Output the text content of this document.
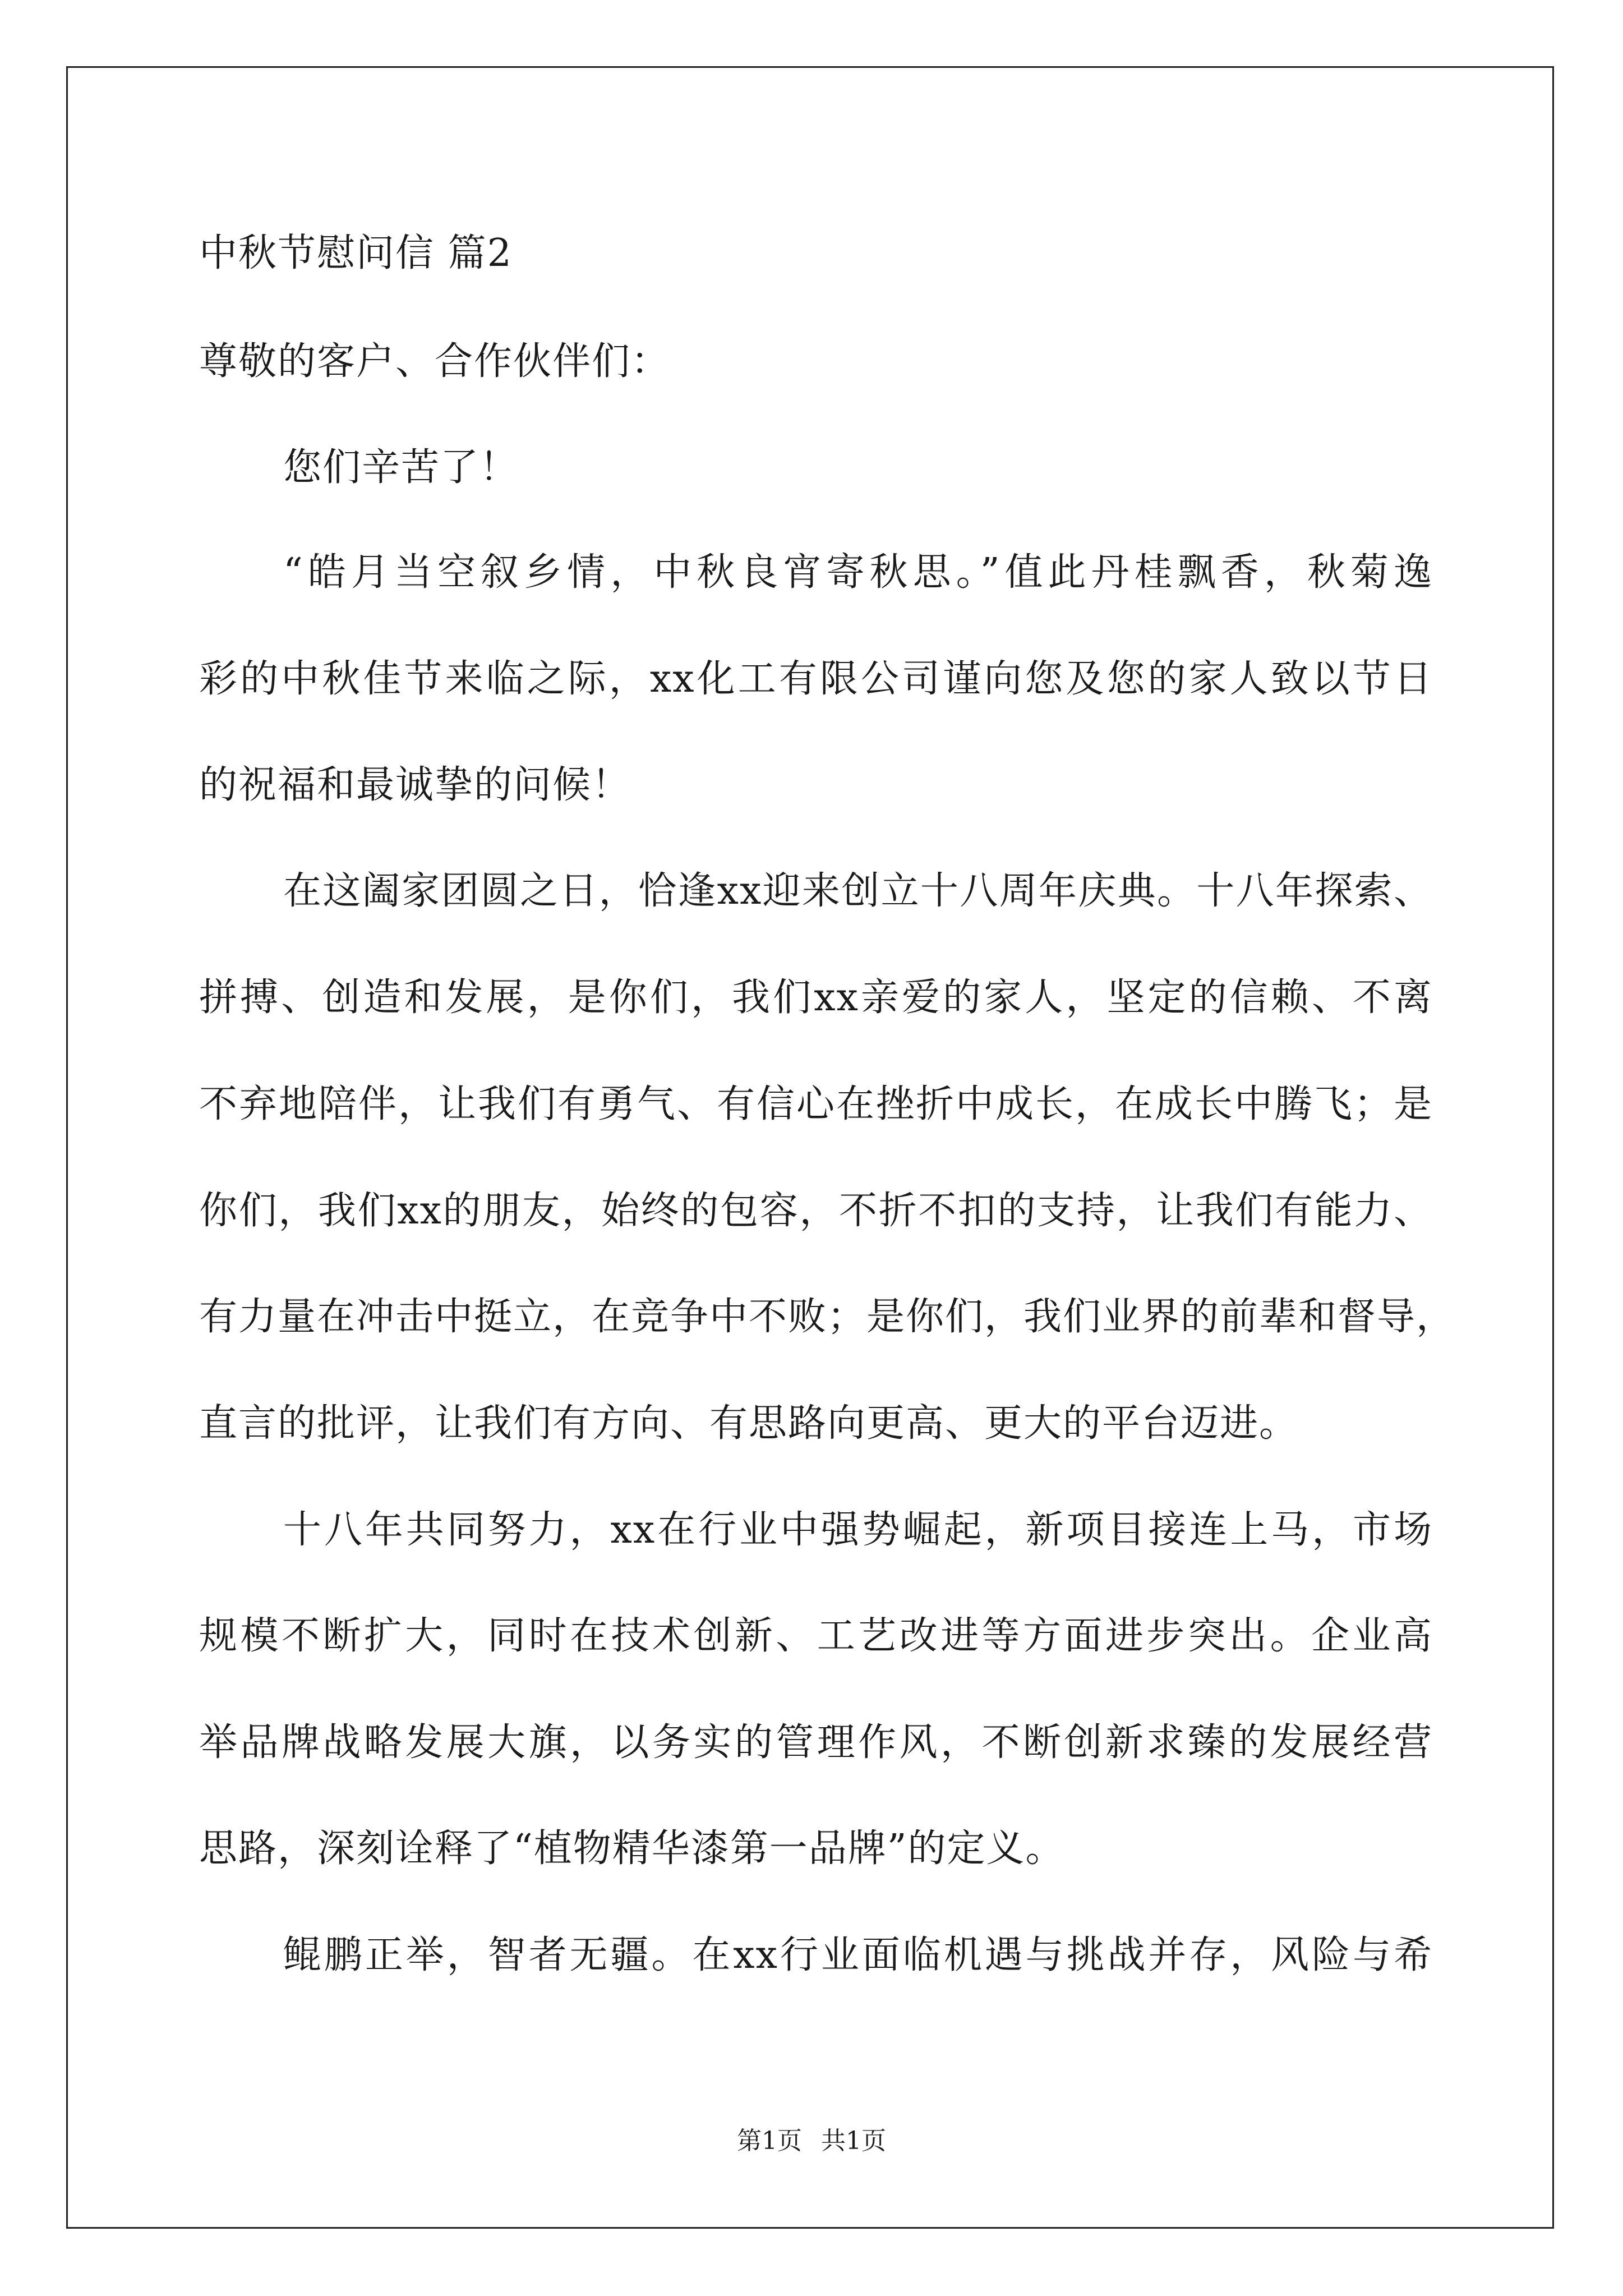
中秋节慰问信 篇2
尊敬的客户、合作伙伴们：
您们辛苦了！
“皓月当空叙乡情，中秋良宵寄秋思。”值此丹桂飘香，秋菊逸
彩的中秋佳节来临之际，xx化工有限公司谨向您及您的家人致以节日
的祝福和最诚挚的问候！
在这阖家团圆之日，恰逢xx迎来创立十八周年庆典。十八年探索、
拼搏、创造和发展，是你们，我们xx亲爱的家人，坚定的信赖、不离
不弃地陪伴，让我们有勇气、有信心在挫折中成长，在成长中腾飞；是
你们，我们xx的朋友，始终的包容，不折不扣的支持，让我们有能力、
有力量在冲击中挺立，在竞争中不败；是你们，我们业界的前辈和督导，
直言的批评，让我们有方向、有思路向更高、更大的平台迈进。
十八年共同努力，xx在行业中强势崛起，新项目接连上马，市场
规模不断扩大，同时在技术创新、工艺改进等方面进步突出。企业高
举品牌战略发展大旗，以务实的管理作风，不断创新求臻的发展经营
思路，深刻诠释了“植物精华漆第一品牌”的定义。
鲲鹏正举，智者无疆。在xx行业面临机遇与挑战并存，风险与希
第1页 共1页
